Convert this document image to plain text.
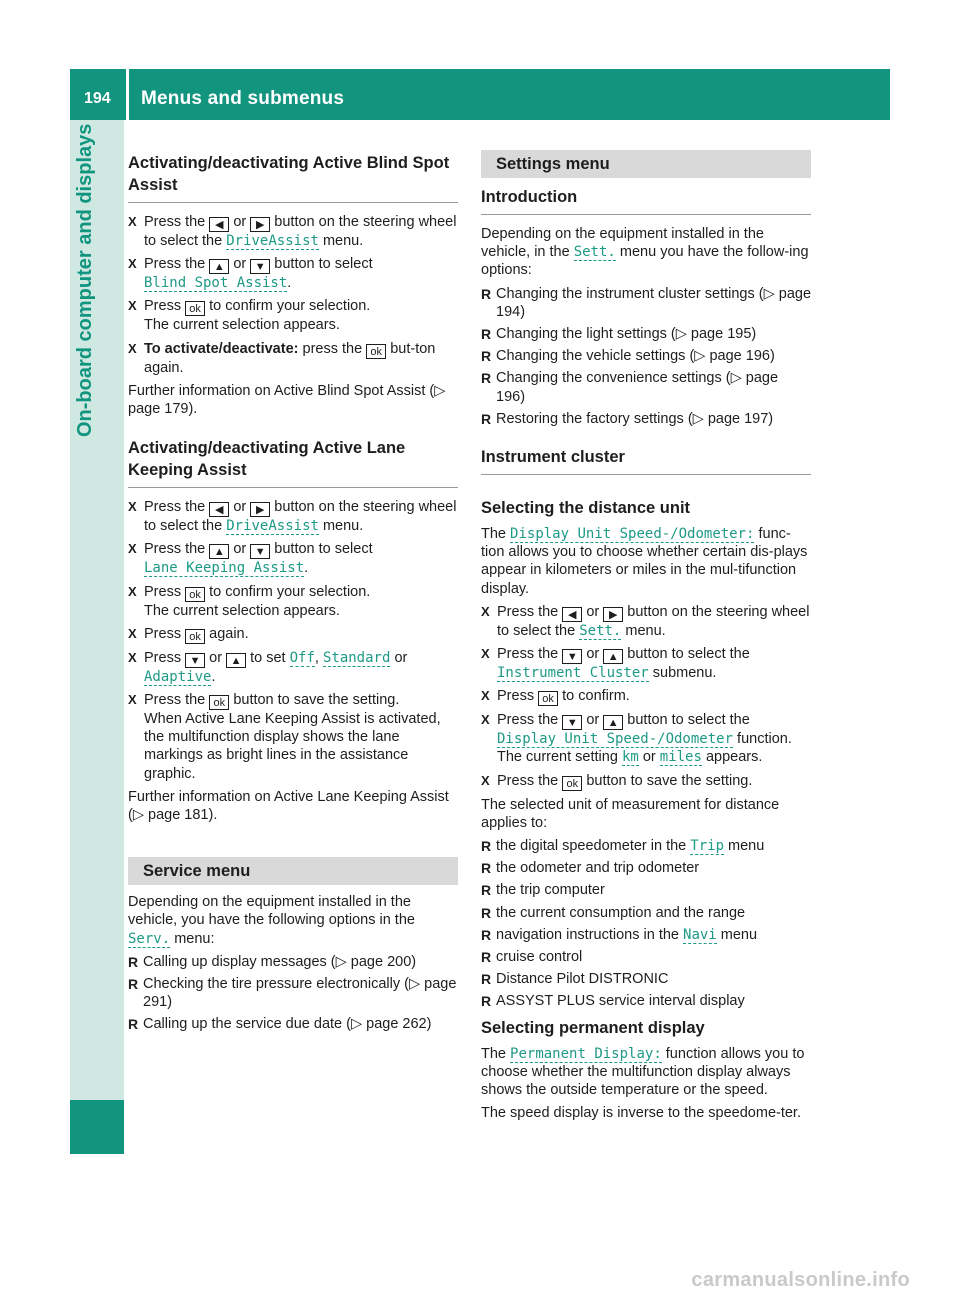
194 Menus and submenus
On-board computer and displays Activating/deactivating Active Blind Spot Assist
X Press the ◀ or ▶ button on the steering wheel to select the DriveAssist menu.
X Press the ▲ or ▼ button to select
Blind Spot Assist.
X Press ok to confirm your selection.
The current selection appears.
X To activate/deactivate: press the ok but-ton again.

Further information on Active Blind Spot Assist (▷ page 179).

Activating/deactivating Active Lane Keeping Assist
X Press the ◀ or ▶ button on the steering wheel to select the DriveAssist menu.
X Press the ▲ or ▼ button to select
Lane Keeping Assist.
X Press ok to confirm your selection.
The current selection appears.
X Press ok again.
X Press ▼ or ▲ to set Off, Standard or
Adaptive.
X Press the ok button to save the setting.
When Active Lane Keeping Assist is activated, the multifunction display shows the lane markings as bright lines in the assistance graphic.

Further information on Active Lane Keeping Assist (▷ page 181).

Service menu

Depending on the equipment installed in the vehicle, you have the following options in the
Serv. menu:

R Calling up display messages (▷ page 200)
R Checking the tire pressure electronically (▷ page 291)
R Calling up the service due date (▷ page 262)
Settings menu
Introduction

Depending on the equipment installed in the vehicle, in the Sett. menu you have the follow-ing options:

R Changing the instrument cluster settings (▷ page 194)
R Changing the light settings (▷ page 195)
R Changing the vehicle settings (▷ page 196)
R Changing the convenience settings (▷ page 196)
R Restoring the factory settings (▷ page 197)
Instrument cluster
Selecting the distance unit

The Display Unit Speed-/Odometer: func-tion allows you to choose whether certain dis-plays appear in kilometers or miles in the mul-tifunction display.

X Press the ◀ or ▶ button on the steering wheel to select the Sett. menu.
X Press the ▼ or ▲ button to select the
Instrument Cluster submenu.
X Press ok to confirm.
X Press the ▼ or ▲ button to select the
Display Unit Speed-/Odometer function.
The current setting km or miles appears.
X Press the ok button to save the setting.

The selected unit of measurement for distance applies to:

R the digital speedometer in the Trip menu
R the odometer and trip odometer
R the trip computer
R the current consumption and the range
R navigation instructions in the Navi menu
R cruise control
R Distance Pilot DISTRONIC
R ASSYST PLUS service interval display
Selecting permanent display

The Permanent Display: function allows you to choose whether the multifunction display always shows the outside temperature or the speed.

The speed display is inverse to the speedome-ter.

carmanualsonline.info
